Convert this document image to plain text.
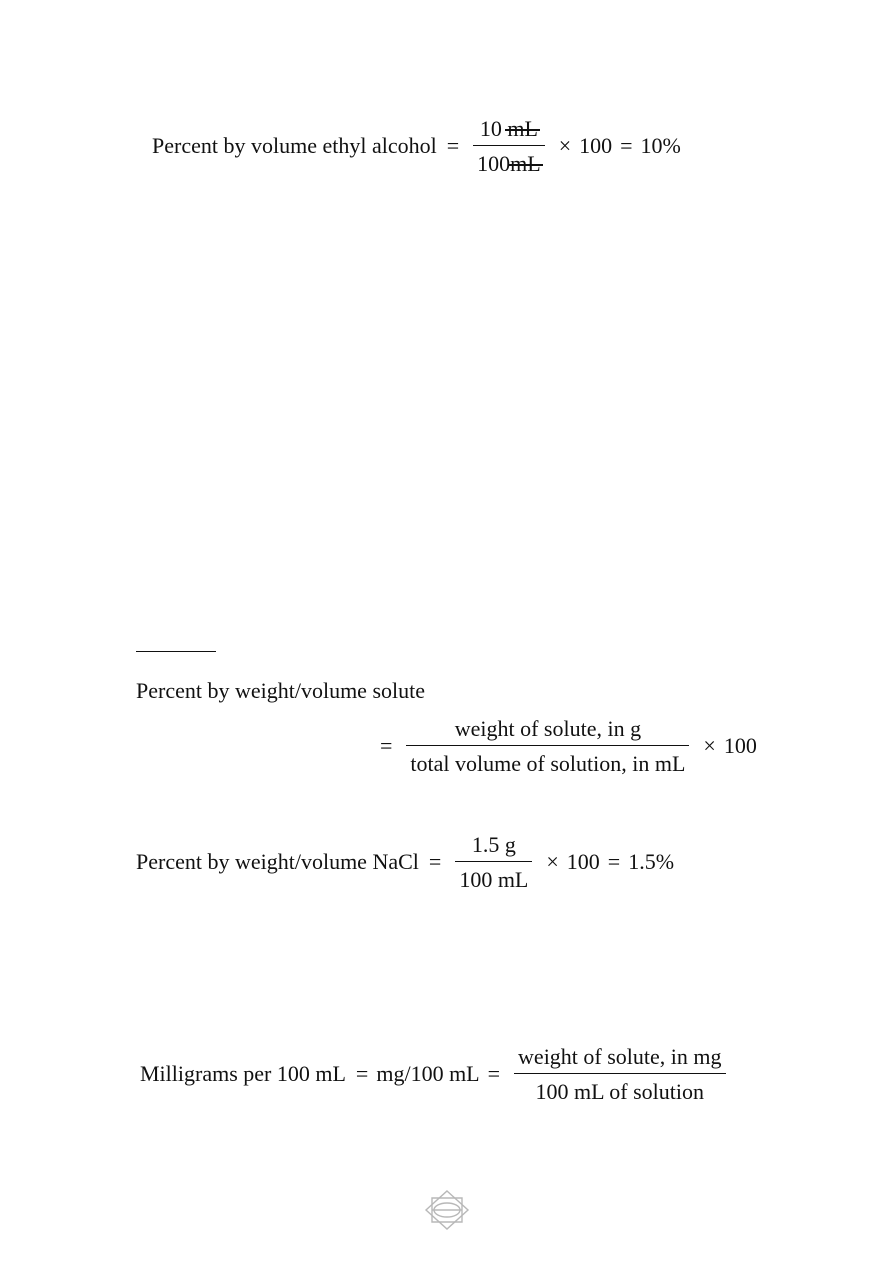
Percent by volume ethyl alcohol = $\frac{10 mL}{100mL} \times 100 = 10\%$
Percent by weight/volume solute
= $\frac{\text{weight of solute, in g}}{\text{total volume of solution, in mL}} \times 100$
Percent by weight/volume NaCl = $\frac{1.5 g}{100 mL} \times 100 = 1.5\%$
Milligrams per 100 mL = mg/100 mL = $\frac{\text{weight of solute, in mg}}{\text{100 mL of solution}}$
